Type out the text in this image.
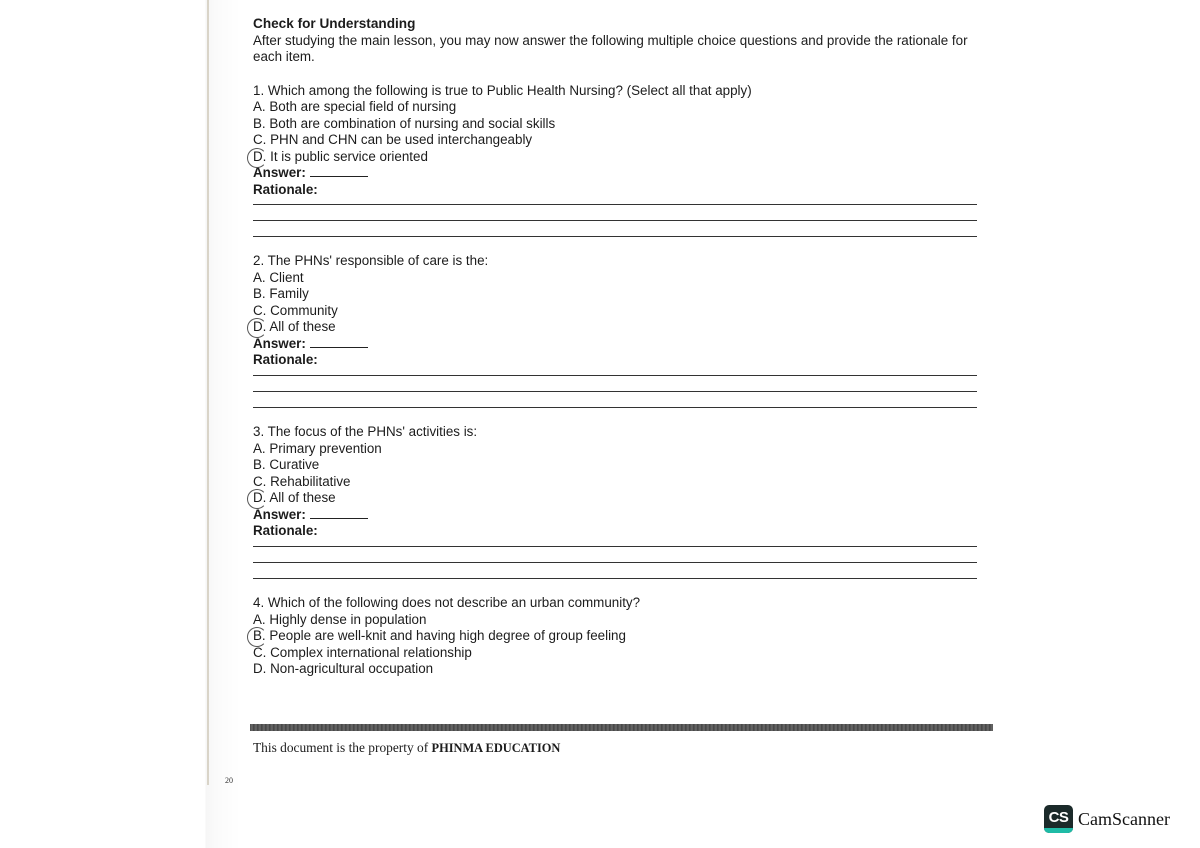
Check for Understanding
After studying the main lesson, you may now answer the following multiple choice questions and provide the rationale for each item.
1. Which among the following is true to Public Health Nursing? (Select all that apply)
A. Both are special field of nursing
B. Both are combination of nursing and social skills
C. PHN and CHN can be used interchangeably
D. It is public service oriented
Answer:
Rationale:
2. The PHNs' responsible of care is the:
A. Client
B. Family
C. Community
D. All of these
Answer:
Rationale:
3. The focus of the PHNs' activities is:
A. Primary prevention
B. Curative
C. Rehabilitative
D. All of these
Answer:
Rationale:
4. Which of the following does not describe an urban community?
A. Highly dense in population
B. People are well-knit and having high degree of group feeling
C. Complex international relationship
D. Non-agricultural occupation
This document is the property of PHINMA EDUCATION
20
CS CamScanner
